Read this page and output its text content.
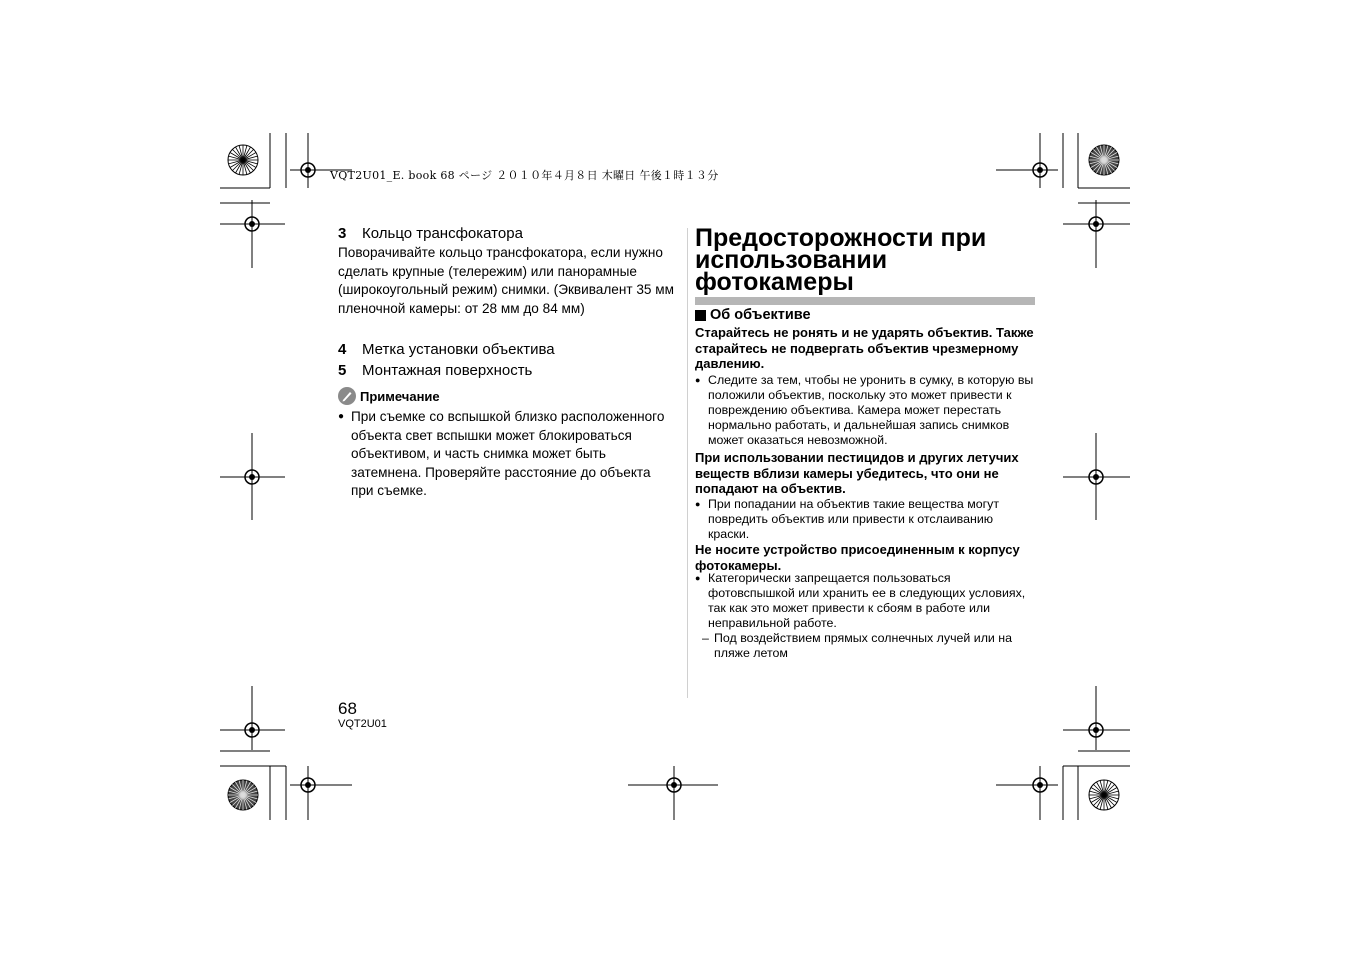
VQT2U01_E. book 68 ページ ２０１０年４月８日 木曜日 午後１時１３分
3 Кольцо трансфокатора
Поворачивайте кольцо трансфокатора, если нужно сделать крупные (телережим) или панорамные (широкоугольный режим) снимки. (Эквивалент 35 мм пленочной камеры: от 28 мм до 84 мм)
4 Метка установки объектива
5 Монтажная поверхность
Примечание
● При съемке со вспышкой близко расположенного объекта свет вспышки может блокироваться объективом, и часть снимка может быть затемнена. Проверяйте расстояние до объекта при съемке.
Предосторожности при использовании фотокамеры
Об объективе
Старайтесь не ронять и не ударять объектив. Также старайтесь не подвергать объектив чрезмерному давлению.
● Следите за тем, чтобы не уронить в сумку, в которую вы положили объектив, поскольку это может привести к повреждению объектива. Камера может перестать нормально работать, и дальнейшая запись снимков может оказаться невозможной.
При использовании пестицидов и других летучих веществ вблизи камеры убедитесь, что они не попадают на объектив.
● При попадании на объектив такие вещества могут повредить объектив или привести к отслаиванию краски.
Не носите устройство присоединенным к корпусу фотокамеры.
● Категорически запрещается пользоваться фотовспышкой или хранить ее в следующих условиях, так как это может привести к сбоям в работе или неправильной работе.
– Под воздействием прямых солнечных лучей или на пляже летом
68
VQT2U01
